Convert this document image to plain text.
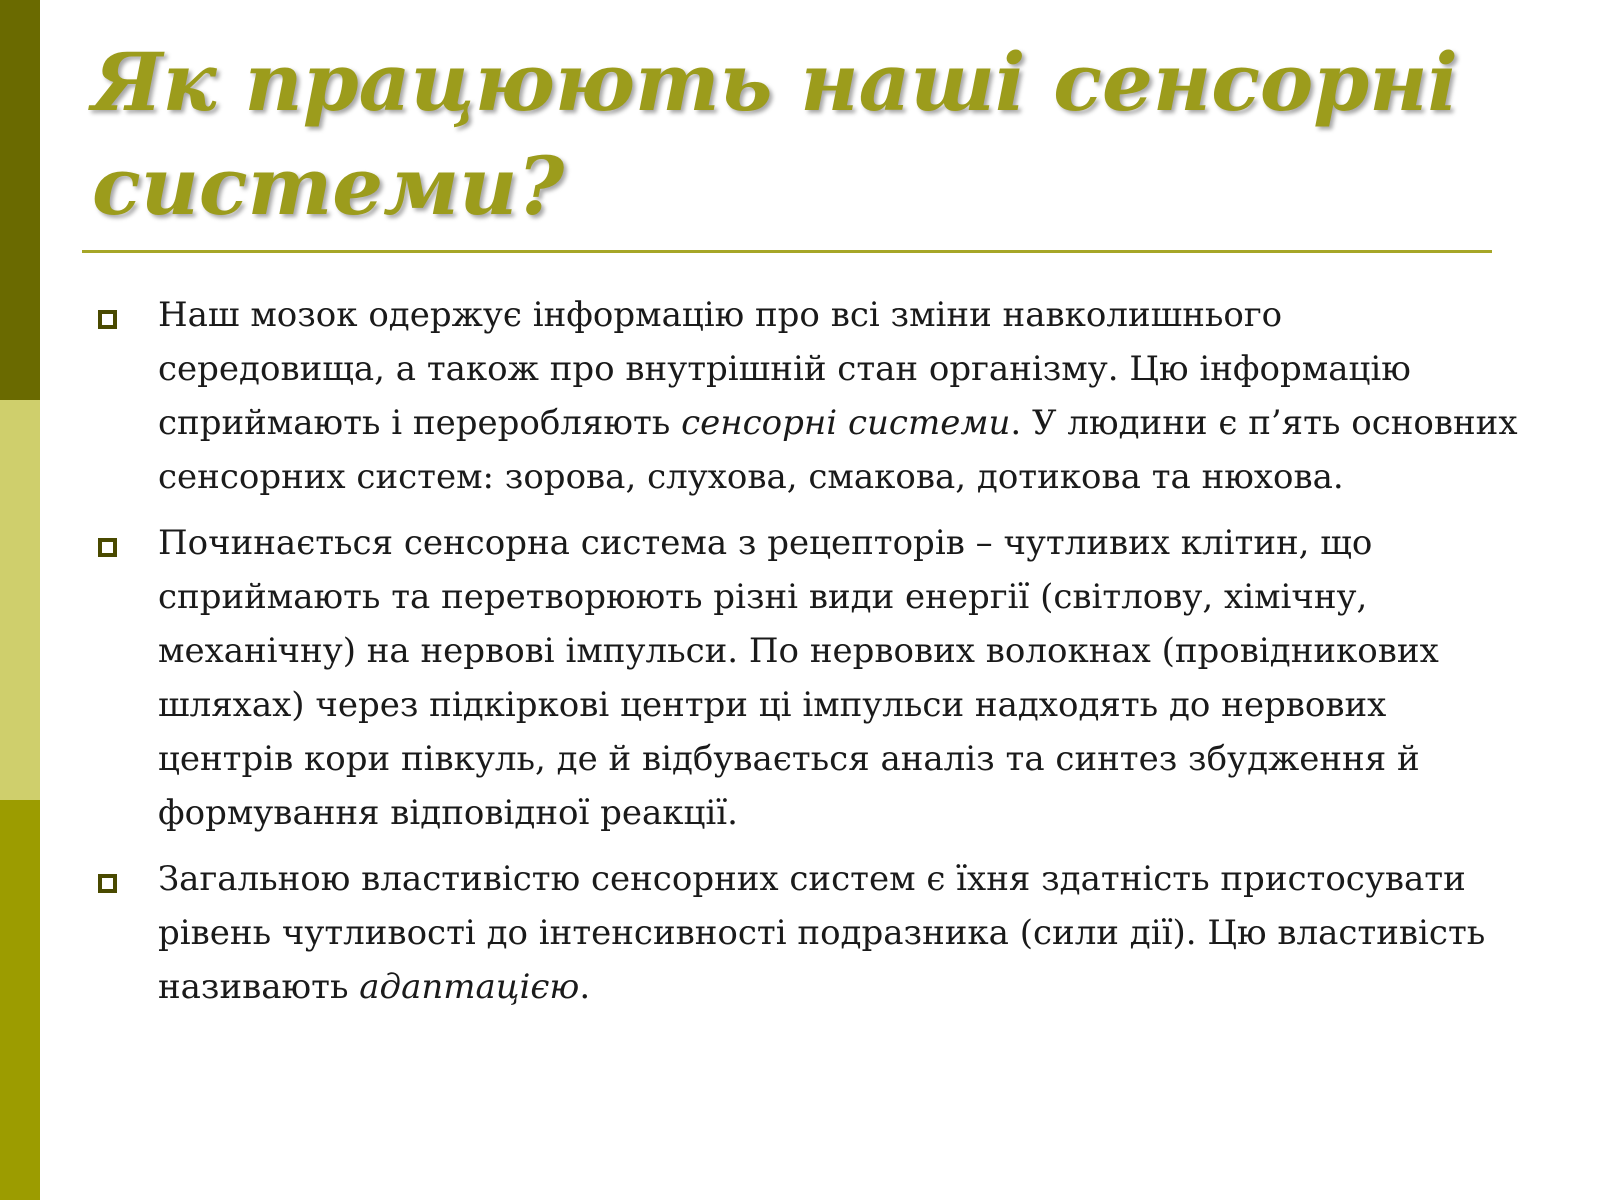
Як працюють наші сенсорні системи?
Наш мозок одержує інформацію про всі зміни навколишнього середовища, а також про внутрішній стан організму. Цю інформацію сприймають і переробляють сенсорні системи. У людини є п’ять основних сенсорних систем: зорова, слухова, смакова, дотикова та нюхова.
Починається сенсорна система з рецепторів – чутливих клітин, що сприймають та перетворюють різні види енергії (світлову, хімічну, механічну) на нервові імпульси. По нервових волокнах (провідникових шляхах) через підкіркові центри ці імпульси надходять до нервових центрів кори півкуль, де й відбувається аналіз та синтез збудження й формування відповідної реакції.
Загальною властивістю сенсорних систем є їхня здатність пристосувати рівень чутливості до інтенсивності подразника (сили дії). Цю властивість називають адаптацією.
